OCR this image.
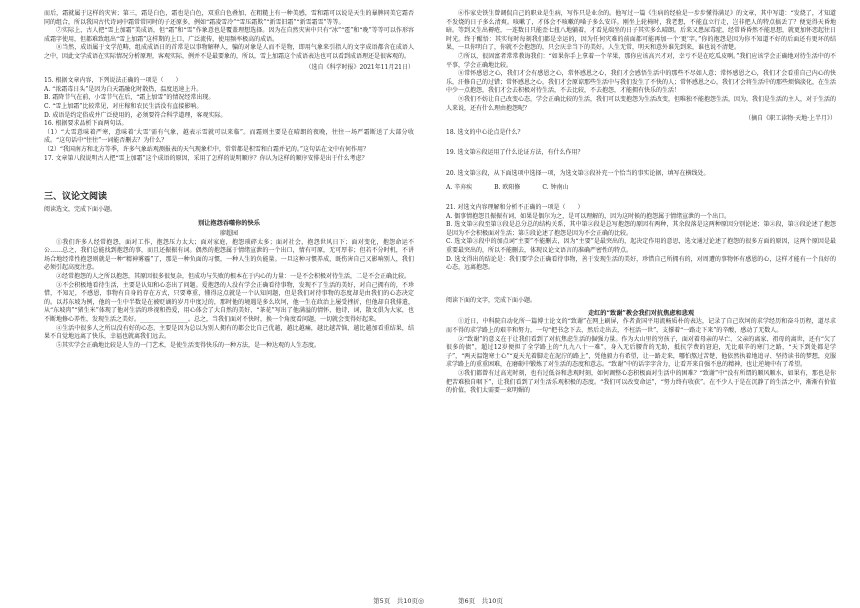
而后，霜就属于这样的灾害；第三，霜是白色，霜也是白色，双重白色叠加，在粗糙上有一种美感，雪和霜可以说是天生的暴脾同美它霜否同的组合，所以我国古代诗词中霜常常同时的子还原多，例如“霜凌雪冷”“雪压霜欺”“新雪旧霜”“新雪霜雪”等等。

⑦实际上，古人把“雪上加霜”美成语，但“霜”和“雪”作象意也是覆盖理想选择。因为在自然灾害中只有“冰”“雹”和“晚”等等可以作形容成霜字使用，但都难致组出“雪上加霜”这样期的上口，广泛流传，使用频率极高的成语。

⑧当然，成语属于文学范畴，组成成语日的首常是以事物解释人，骗的对象是人而不是物，即用气象来引指人的文字成语都含在成语人之中，因此文学成语在实际情况分析原理，客观实际，例并不是最要象的，所以，雪上加霜这个成语表达也可以看到成语理还是很客观的。

（选自《科学时报》2021年11月21日）

15. 根据文章内容，下列说法正确的一项是（　　）

A. “浓霜毒日头”是因为白天霜融化时散热，温度迅速上升。

B. 霜降节气在前，小雪节气在后，“霜上加雪”的情况经常出现。

C. “雪上加霜”比较常见，对庄稼和农民生活没有直接影响。

D. 成语是约定俗成并广泛使用的，必须要符合科学道理，客观实际。

16. 根据要求品析下面两句话。

（1）“大雪意味着严寒，意味着‘大雪’需有气象，越表示雪就可以来临”。而霜则主要是在晴朗的夜晚，往往一场严霜断送了大部分收成。“这句话中“往往”一词能否删去？为什么？

（2）“我国南方和北方等季，许多气象站观测报表的天气现象栏中，常常都是积雪和白霜并记的。”这句话在文中有何作用？

17. 文章第八段说明古人把“雪上加霜”这个成语的原因，采用了怎样的说明顺序？你认为这样的顺序安排是出于什么考虑？

三、议论文阅读

阅读选文，完成下面小题。

别让抱怨吞噬你的快乐
廖超园

①我们许多人经常抱怨，面对工作，抱怨压力太大；面对家庭，抱怨琐碎太多；面对社会，抱怨世风日下；面对变化，抱怨命运不公……总之，我们总能找到抱怨的事，而且还振振有词。偶然的抱怨属于情绪宣泄的一个出口，情有可原，无可厚非；但若不分时机，不讲场合地经常性抱怨则就是一种“精神雾霾”了，那是一种负面的习惯，一种人生的负能量。一旦这种习惯养成，既伤害自己又影响别人，我们必须引起高度注意。

②经常抱怨的人之所以抱怨，其原因很多很复杂，但成功与失败的根本在于内心的力量：一是不会积极对待生活，二是不会正确比较。

③不会积极地看待生活，主要是认知和心态出了问题。爱抱怨的人没有学会正确看待事物，发现不了生活的美好，对自己拥有的，不珍惜，不知足，不感恩，事物有自身的存在方式，只要尊重，懂得这点就是一个认知问题，但是我们对待事物的态度却是由我们的心态决定的。以苏东坡为例，他的一生中半数是在被贬谪的岁月中度过的，那时他的境遇是多么坎坷，他一生在政治上屡受挫折，但他却自我排遣，从“东坡肉”“猪生米”体现了他对生活的珍视和热爱，用心体会了大自然的美好，“茶花”写出了他满溢的情怀，他诗，词，散文俱为大家，也不断地修心养性，发现生活之美好。________________。总之，当我们面对不快时，换一个角度看问题，一切就会变得好起来。

④生活中很多人之所以没有好的心态，主要是因为总以为别人拥有的都会比自己优越，越比越痛，越比越苦恼，越比越加看重结果，结果不自觉地远离了快乐，幸福也就离我们远去。

⑤其实学会正确地比较是人生的一门艺术，是使生活变得快乐的一种方法，是一种达观的人生态度。

⑥作家史铁生曾调侃自己的职业是生病，写作只是业余的。他写过一篇《生病的经验是一步步懂得满足》的文章，其中写道：“发烧了，才知道不发烧的日子多么清爽。咳嗽了，才体会不咳嗽的嗓子多么安详。刚坐上轮椅时，我老想，不能直立行走，岂非把人的特点搞丢了？便觉得天昏地暗。等到又生出褥疮，一连数日只能歪七扭八地躺着，才看见端坐的日子其实多么晴朗。后来又患尿毒症，经常昏昏然不能思想，就更加怀恋起往日时光。终于醒悟：其实每时每刻我们都是幸运的，因为任何灾难的前面都可能再加一个‘更’字。”你的抱怨是因为你不知道不好的后面还有更坏的结果，一旦你明白了，你就不会抱怨的，只会庆幸当下的美好。人生无常，明天和意外谁先到来，谁也说不清楚。

⑦所以，很固富者常常教诲我们：“如果你手上拿着一个苹果，那你应该高兴才对，幸亏不是在吃瓜皮啊。”我们应该学会正确地对待生活中的不平事，学会正确地比较。

⑧常怀感恩之心，我们才会有感恩之心，常怀感恩之心，我们才会感悟生活中的那些不尽如人意；常怀感恩之心，我们才会看重自己内心的快乐，汗修自己的过错；常怀感恩之心，我们才会原谅那些生活中与我们发生了不快的人；常怀感恩之心，我们才会将生活中的那些烦恼淡化，在生活中少一点抱怨，我们才会去积极对待生活，不去比较，不去抱怨，才能拥有快乐的生活！

⑨我们不妨让自己改变心态，学会正确比较的生活，我们可以变抱怨为生活改变，但唯独不能抱怨生活，因为，我们是生活的主人，对于生活的人来说，还有什么理由抱怨呢？

（摘自《职工读物·天地·上半月》）

18. 选文的中心论点是什么？

19. 选文第⑥段运用了什么论证方法，有什么作用？

20. 选文第③段，从下面选项中选择一项，为选文第③段补充一个恰当的事实论据，填写在横线处。

A. 辛弃疾	B. 欧阳修	C. 钟南山

21. 对选文内容理解和分析不正确的一项是（　　）

A. 偶事情抱怨且振振有词，如果是偶尔为之，是可以理解的，因为这时候的抱怨属于情绪宣泄的一个出口。

B. 选文第②段至第③段是总分总的结构关系，其中第②段是总写抱怨的原因有两种，其余段落是这两种原因分别论述；第②段，第③段论述了抱怨是因为不会积极面对生活；第⑤段论述了抱怨是因为不会正确的比较。

C. 选文第③段中的加点词“主要”不能删去，因为“主要”是最突出的，起决定作用的意思，选文通过论述了抱怨的很多方面的原因，这两个原因是最重要最突出的，所以不能删去，体现议论文语言的准确严密性的特点。

D. 选文得出的结论是：我们要学会正确看待事物，善于发现生活的美好，珍惜自己所拥有的，对周遭的事物怀有感恩的心，这样才能有一个良好的心态，远离抱怨。

阅读下面的文字，完成下面小题。

走红的“致谢”教会我们对抗焦虑和悲观

①近日，中科院自动化所一篇博士论文的“致谢”在网上刷屏，作者黄国平用流畅质朴的表达，记录了自己坎坷的求学经历和奋斗历程，道尽求而不得的求学路上的艰辛和努力，一句“把书念下去，然后走出去，不枉活一世”，支撑着“一路走下来”的辛酸，感动了无数人。

②“致谢”的意义在于让我们看到了对抗焦虑生活的倔强力量。作为大山里的穷孩子，面对着母亲的早亡、父亲的离家、祖母的离世，还有“欠了很多的债”，超过12岁便担了全学路上的“九九八十一难”，身入无后腰背的无助，抵抗学费的窘迫，无比艰辛的寒门之路，“天下到处都是学子”，“两天温饱寒士心”“夏天光着脚走在泥泞的路上”，凭他毅力有希望，让一路走来，哪怕熬过苦楚，他依然执着地追寻、坚持读书的梦想，克服求学路上的重重困难，在磨砺中锻炼了对生活的态度和意志。“致谢”中的话字字含力，让看开来自强不息的精神，也让逆境中有了希望。

③我们都曾有过高光时刻，也有过低谷和悲观时刻，如何调整心态积极面对生活中的困难？“致谢”中“没有所谓的顺风顺水，如果有，那也是你把苦难独自咽下”，让我们看到了对生活乐观积极的态度。“我们可以改变命运”，“努力终有收获”。在不少人于是在沉静了的生活之中，渐渐有价值的价值，我们太需要一束明媚的

第5页　共10页 ◎	第6页　共10页
